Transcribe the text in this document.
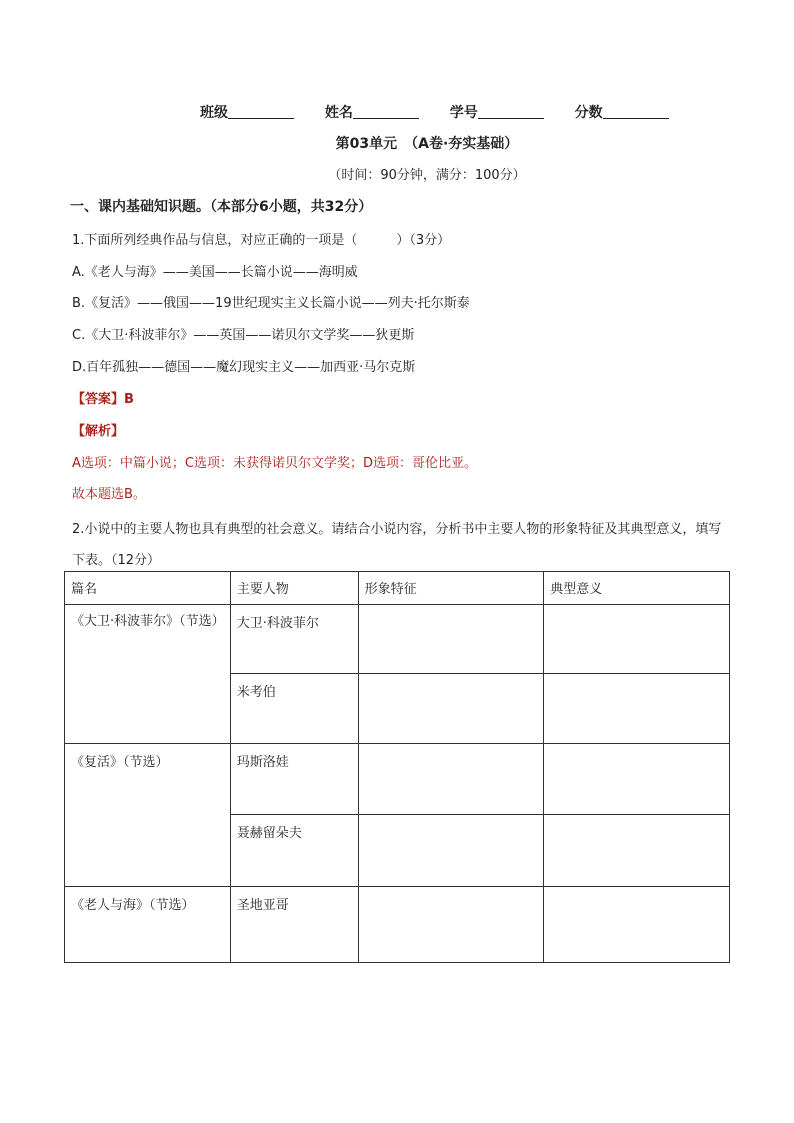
班级	姓名	学号	分数
第03单元　（A卷·夯实基础）
（时间：90分钟，满分：100分）
一、课内基础知识题。（本部分6小题，共32分）
1.下面所列经典作品与信息，对应正确的一项是（　　　）（3分）
A.《老人与海》——美国——长篇小说——海明威
B.《复活》——俄国——19世纪现实主义长篇小说——列夫·托尔斯泰
C.《大卫·科波菲尔》——英国——诺贝尔文学奖——狄更斯
D.百年孤独——德国——魔幻现实主义——加西亚·马尔克斯
【答案】B
【解析】
A选项：中篇小说；C选项：未获得诺贝尔文学奖；D选项：哥伦比亚。
故本题选B。
2.小说中的主要人物也具有典型的社会意义。请结合小说内容，分析书中主要人物的形象特征及其典型意义，填写下表。（12分）
篇名	主要人物	形象特征	典型意义
《大卫·科波菲尔》（节选）	大卫·科波菲尔		
	米考伯		
《复活》（节选）	玛斯洛娃		
	聂赫留朵夫		
《老人与海》（节选）	圣地亚哥		
